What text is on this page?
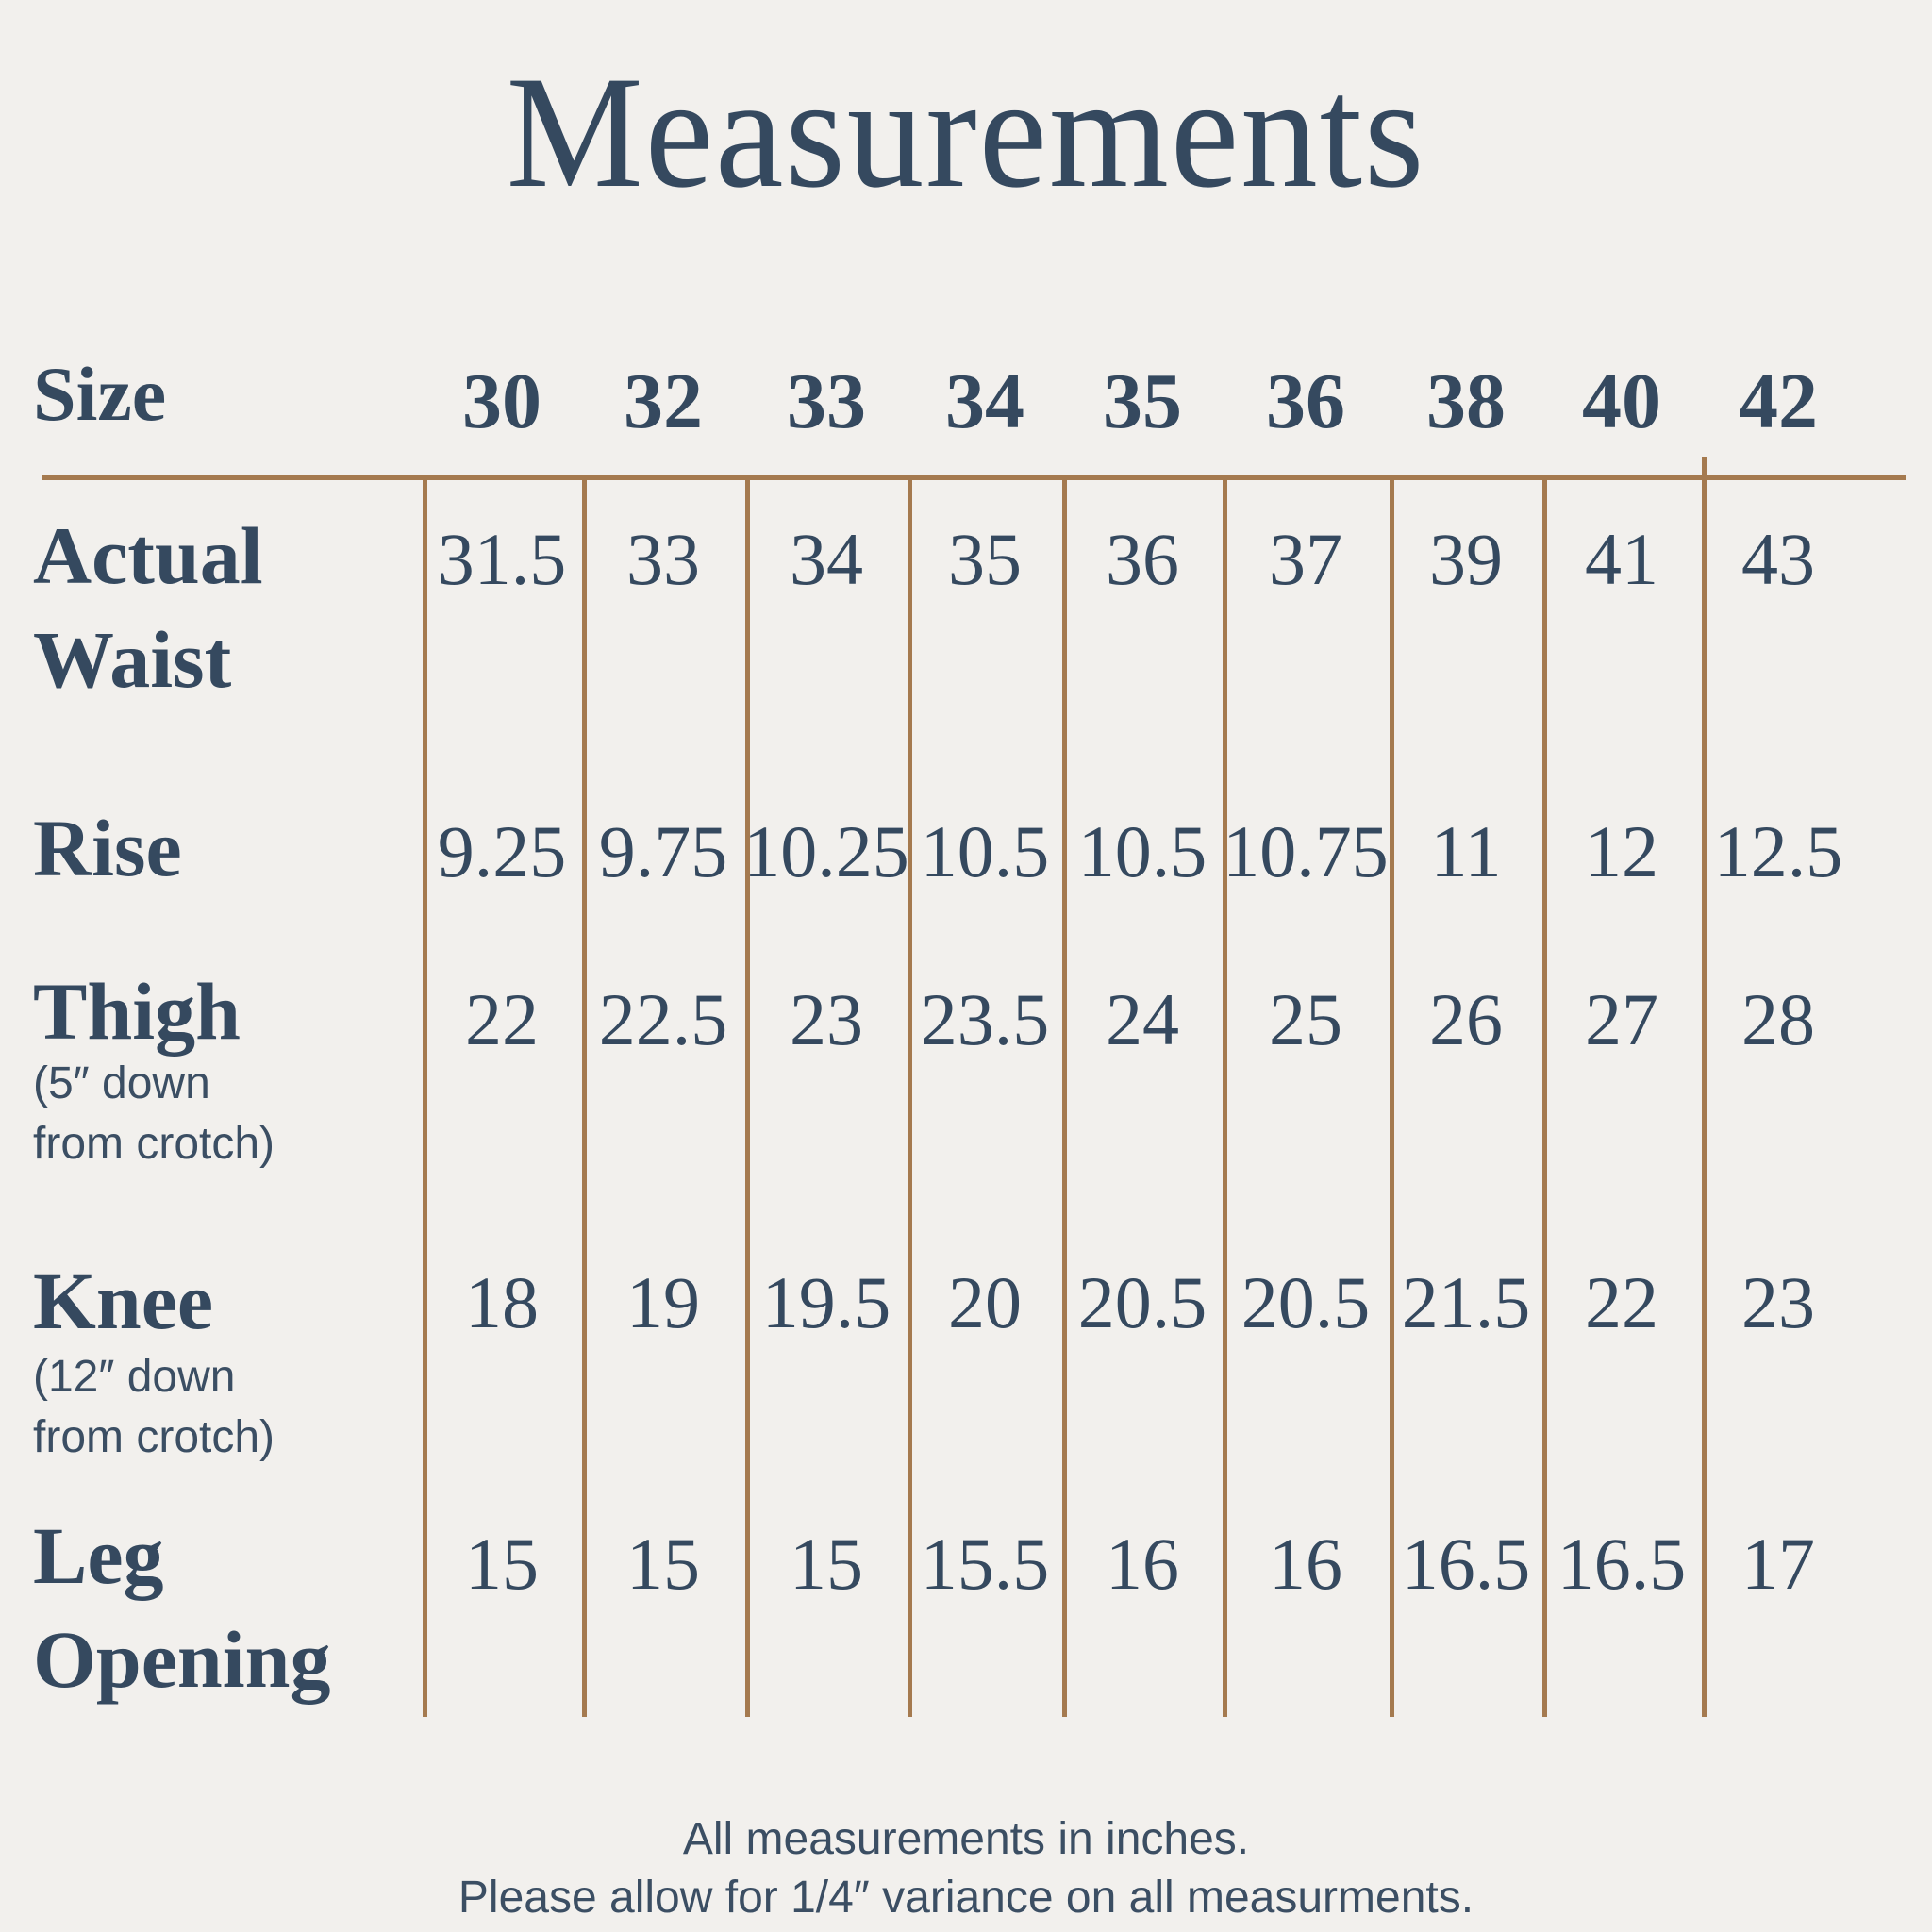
Measurements
Size	30 32 33 34 35 36 38 40 42
Actual
Waist
31.5 33 34 35 36 37 39 41 43
Rise	9.25 9.75 10.25 10.5 10.5 10.75 11 12 12.5
Thigh
(5″ down
from crotch)
22 22.5 23 23.5 24 25 26 27 28
Knee
(12″ down
from crotch)
18 19 19.5 20 20.5 20.5 21.5 22 23
Leg
Opening
15 15 15 15.5 16 16 16.5 16.5 17
All measurements in inches.
Please allow for 1/4″ variance on all measurments.
